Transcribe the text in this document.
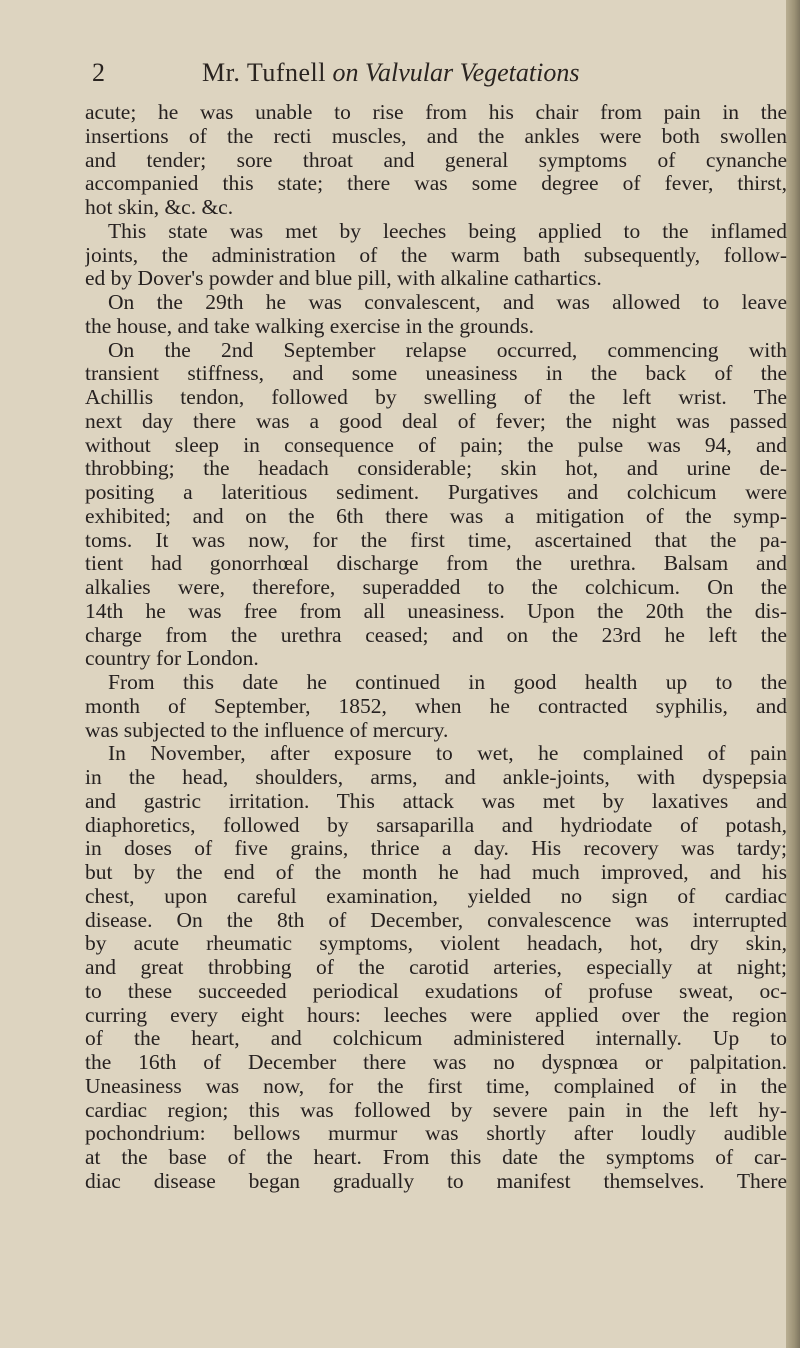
2	Mr. Tufnell on Valvular Vegetations
acute; he was unable to rise from his chair from pain in the
insertions of the recti muscles, and the ankles were both swollen
and tender; sore throat and general symptoms of cynanche
accompanied this state; there was some degree of fever, thirst,
hot skin, &c. &c.
This state was met by leeches being applied to the inflamed
joints, the administration of the warm bath subsequently, follow-
ed by Dover's powder and blue pill, with alkaline cathartics.
On the 29th he was convalescent, and was allowed to leave
the house, and take walking exercise in the grounds.
On the 2nd September relapse occurred, commencing with
transient stiffness, and some uneasiness in the back of the
Achillis tendon, followed by swelling of the left wrist. The
next day there was a good deal of fever; the night was passed
without sleep in consequence of pain; the pulse was 94, and
throbbing; the headach considerable; skin hot, and urine de-
positing a lateritious sediment. Purgatives and colchicum were
exhibited; and on the 6th there was a mitigation of the symp-
toms. It was now, for the first time, ascertained that the pa-
tient had gonorrhœal discharge from the urethra. Balsam and
alkalies were, therefore, superadded to the colchicum. On the
14th he was free from all uneasiness. Upon the 20th the dis-
charge from the urethra ceased; and on the 23rd he left the
country for London.
From this date he continued in good health up to the
month of September, 1852, when he contracted syphilis, and
was subjected to the influence of mercury.
In November, after exposure to wet, he complained of pain
in the head, shoulders, arms, and ankle-joints, with dyspepsia
and gastric irritation. This attack was met by laxatives and
diaphoretics, followed by sarsaparilla and hydriodate of potash,
in doses of five grains, thrice a day. His recovery was tardy;
but by the end of the month he had much improved, and his
chest, upon careful examination, yielded no sign of cardiac
disease. On the 8th of December, convalescence was interrupted
by acute rheumatic symptoms, violent headach, hot, dry skin,
and great throbbing of the carotid arteries, especially at night;
to these succeeded periodical exudations of profuse sweat, oc-
curring every eight hours: leeches were applied over the region
of the heart, and colchicum administered internally. Up to
the 16th of December there was no dyspnœa or palpitation.
Uneasiness was now, for the first time, complained of in the
cardiac region; this was followed by severe pain in the left hy-
pochondrium: bellows murmur was shortly after loudly audible
at the base of the heart. From this date the symptoms of car-
diac disease began gradually to manifest themselves. There
